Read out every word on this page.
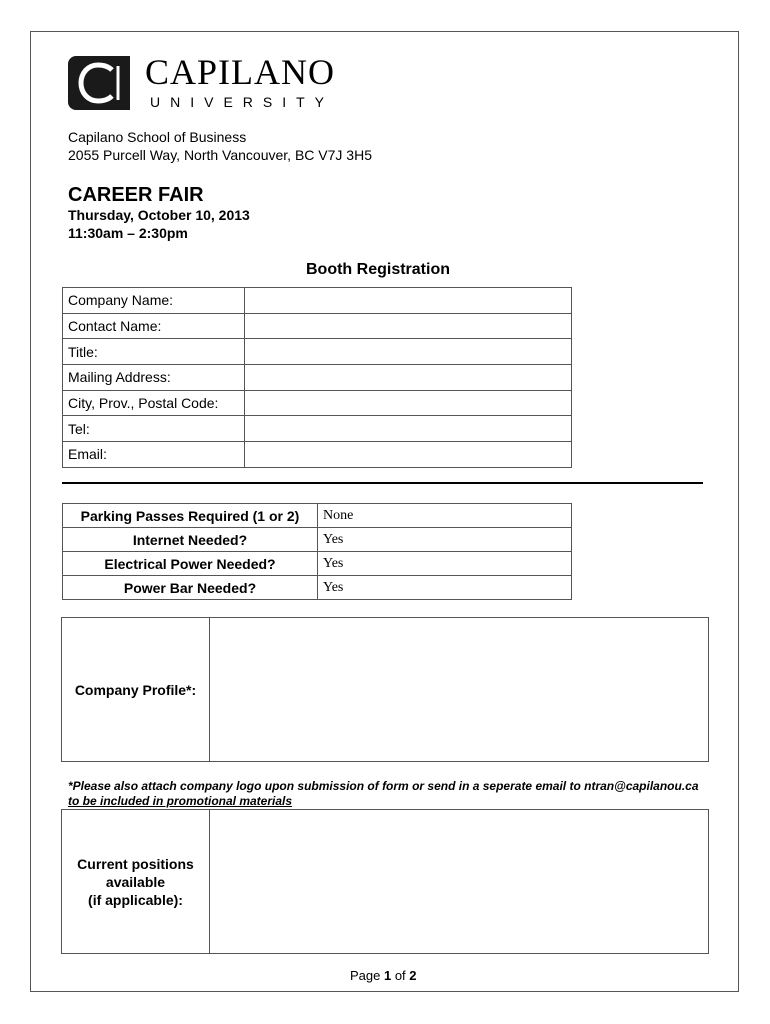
CAPILANO
UNIVERSITY
Capilano School of Business
2055 Purcell Way, North Vancouver, BC V7J 3H5
CAREER FAIR
Thursday, October 10, 2013
11:30am – 2:30pm
Booth Registration
Company Name:	
Contact Name:	
Title:	
Mailing Address:	
City, Prov., Postal Code:	
Tel:	
Email:	
Parking Passes Required (1 or 2)	None
Internet Needed?	Yes
Electrical Power Needed?	Yes
Power Bar Needed?	Yes
Company Profile*:	
*Please also attach company logo upon submission of form or send in a seperate email to ntran@capilanou.ca
to be included in promotional materials
Current positions
available
(if applicable):

Page 1 of 2
